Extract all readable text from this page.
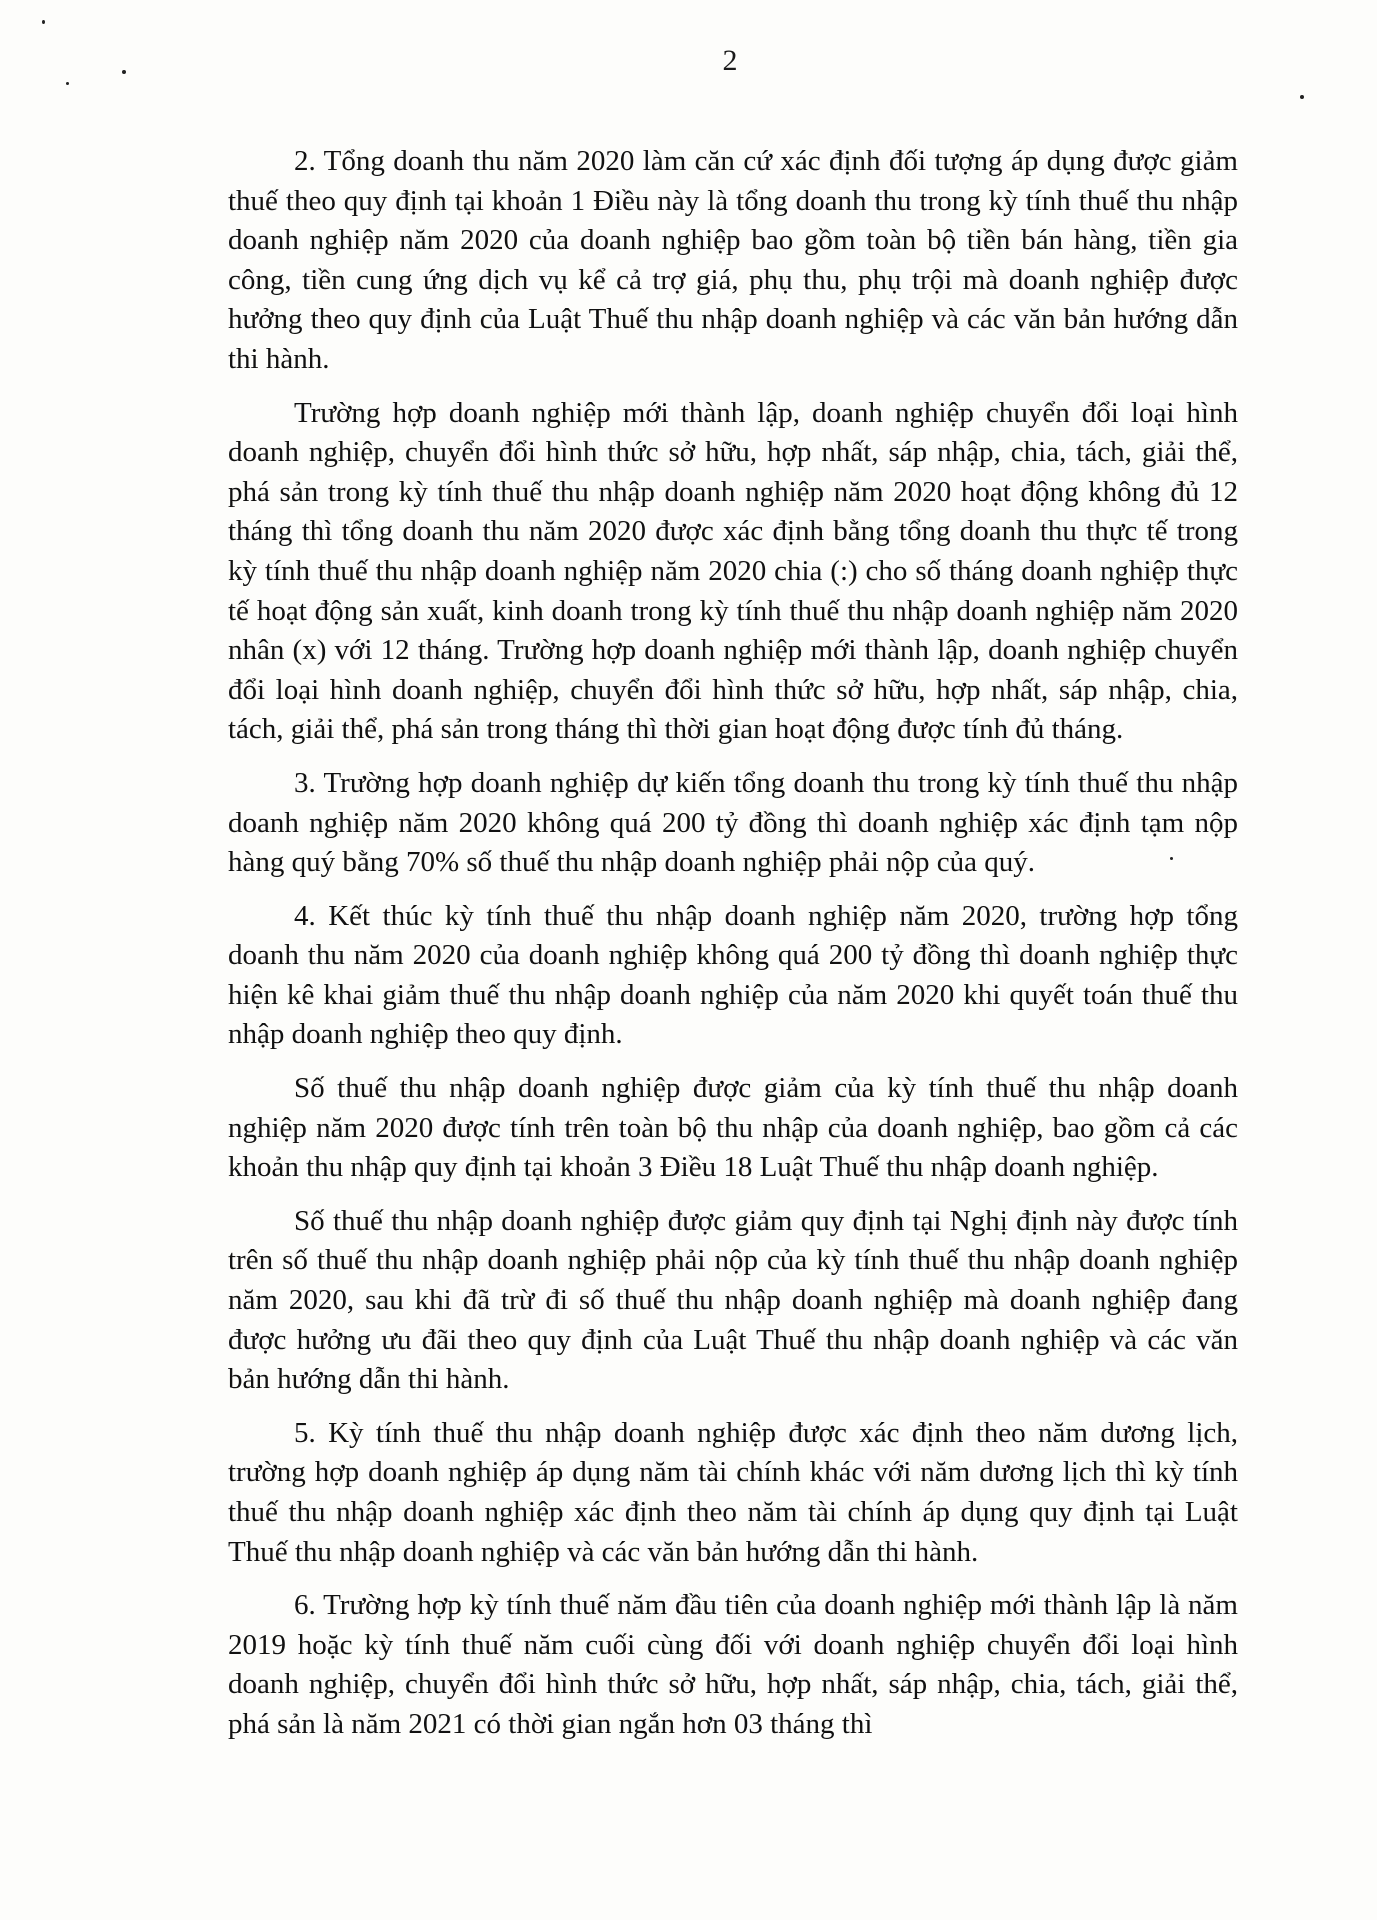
2

2. Tổng doanh thu năm 2020 làm căn cứ xác định đối tượng áp dụng được giảm thuế theo quy định tại khoản 1 Điều này là tổng doanh thu trong kỳ tính thuế thu nhập doanh nghiệp năm 2020 của doanh nghiệp bao gồm toàn bộ tiền bán hàng, tiền gia công, tiền cung ứng dịch vụ kể cả trợ giá, phụ thu, phụ trội mà doanh nghiệp được hưởng theo quy định của Luật Thuế thu nhập doanh nghiệp và các văn bản hướng dẫn thi hành.

Trường hợp doanh nghiệp mới thành lập, doanh nghiệp chuyển đổi loại hình doanh nghiệp, chuyển đổi hình thức sở hữu, hợp nhất, sáp nhập, chia, tách, giải thể, phá sản trong kỳ tính thuế thu nhập doanh nghiệp năm 2020 hoạt động không đủ 12 tháng thì tổng doanh thu năm 2020 được xác định bằng tổng doanh thu thực tế trong kỳ tính thuế thu nhập doanh nghiệp năm 2020 chia (:) cho số tháng doanh nghiệp thực tế hoạt động sản xuất, kinh doanh trong kỳ tính thuế thu nhập doanh nghiệp năm 2020 nhân (x) với 12 tháng. Trường hợp doanh nghiệp mới thành lập, doanh nghiệp chuyển đổi loại hình doanh nghiệp, chuyển đổi hình thức sở hữu, hợp nhất, sáp nhập, chia, tách, giải thể, phá sản trong tháng thì thời gian hoạt động được tính đủ tháng.

3. Trường hợp doanh nghiệp dự kiến tổng doanh thu trong kỳ tính thuế thu nhập doanh nghiệp năm 2020 không quá 200 tỷ đồng thì doanh nghiệp xác định tạm nộp hàng quý bằng 70% số thuế thu nhập doanh nghiệp phải nộp của quý.

4. Kết thúc kỳ tính thuế thu nhập doanh nghiệp năm 2020, trường hợp tổng doanh thu năm 2020 của doanh nghiệp không quá 200 tỷ đồng thì doanh nghiệp thực hiện kê khai giảm thuế thu nhập doanh nghiệp của năm 2020 khi quyết toán thuế thu nhập doanh nghiệp theo quy định.

Số thuế thu nhập doanh nghiệp được giảm của kỳ tính thuế thu nhập doanh nghiệp năm 2020 được tính trên toàn bộ thu nhập của doanh nghiệp, bao gồm cả các khoản thu nhập quy định tại khoản 3 Điều 18 Luật Thuế thu nhập doanh nghiệp.

Số thuế thu nhập doanh nghiệp được giảm quy định tại Nghị định này được tính trên số thuế thu nhập doanh nghiệp phải nộp của kỳ tính thuế thu nhập doanh nghiệp năm 2020, sau khi đã trừ đi số thuế thu nhập doanh nghiệp mà doanh nghiệp đang được hưởng ưu đãi theo quy định của Luật Thuế thu nhập doanh nghiệp và các văn bản hướng dẫn thi hành.

5. Kỳ tính thuế thu nhập doanh nghiệp được xác định theo năm dương lịch, trường hợp doanh nghiệp áp dụng năm tài chính khác với năm dương lịch thì kỳ tính thuế thu nhập doanh nghiệp xác định theo năm tài chính áp dụng quy định tại Luật Thuế thu nhập doanh nghiệp và các văn bản hướng dẫn thi hành.

6. Trường hợp kỳ tính thuế năm đầu tiên của doanh nghiệp mới thành lập là năm 2019 hoặc kỳ tính thuế năm cuối cùng đối với doanh nghiệp chuyển đổi loại hình doanh nghiệp, chuyển đổi hình thức sở hữu, hợp nhất, sáp nhập, chia, tách, giải thể, phá sản là năm 2021 có thời gian ngắn hơn 03 tháng thì
